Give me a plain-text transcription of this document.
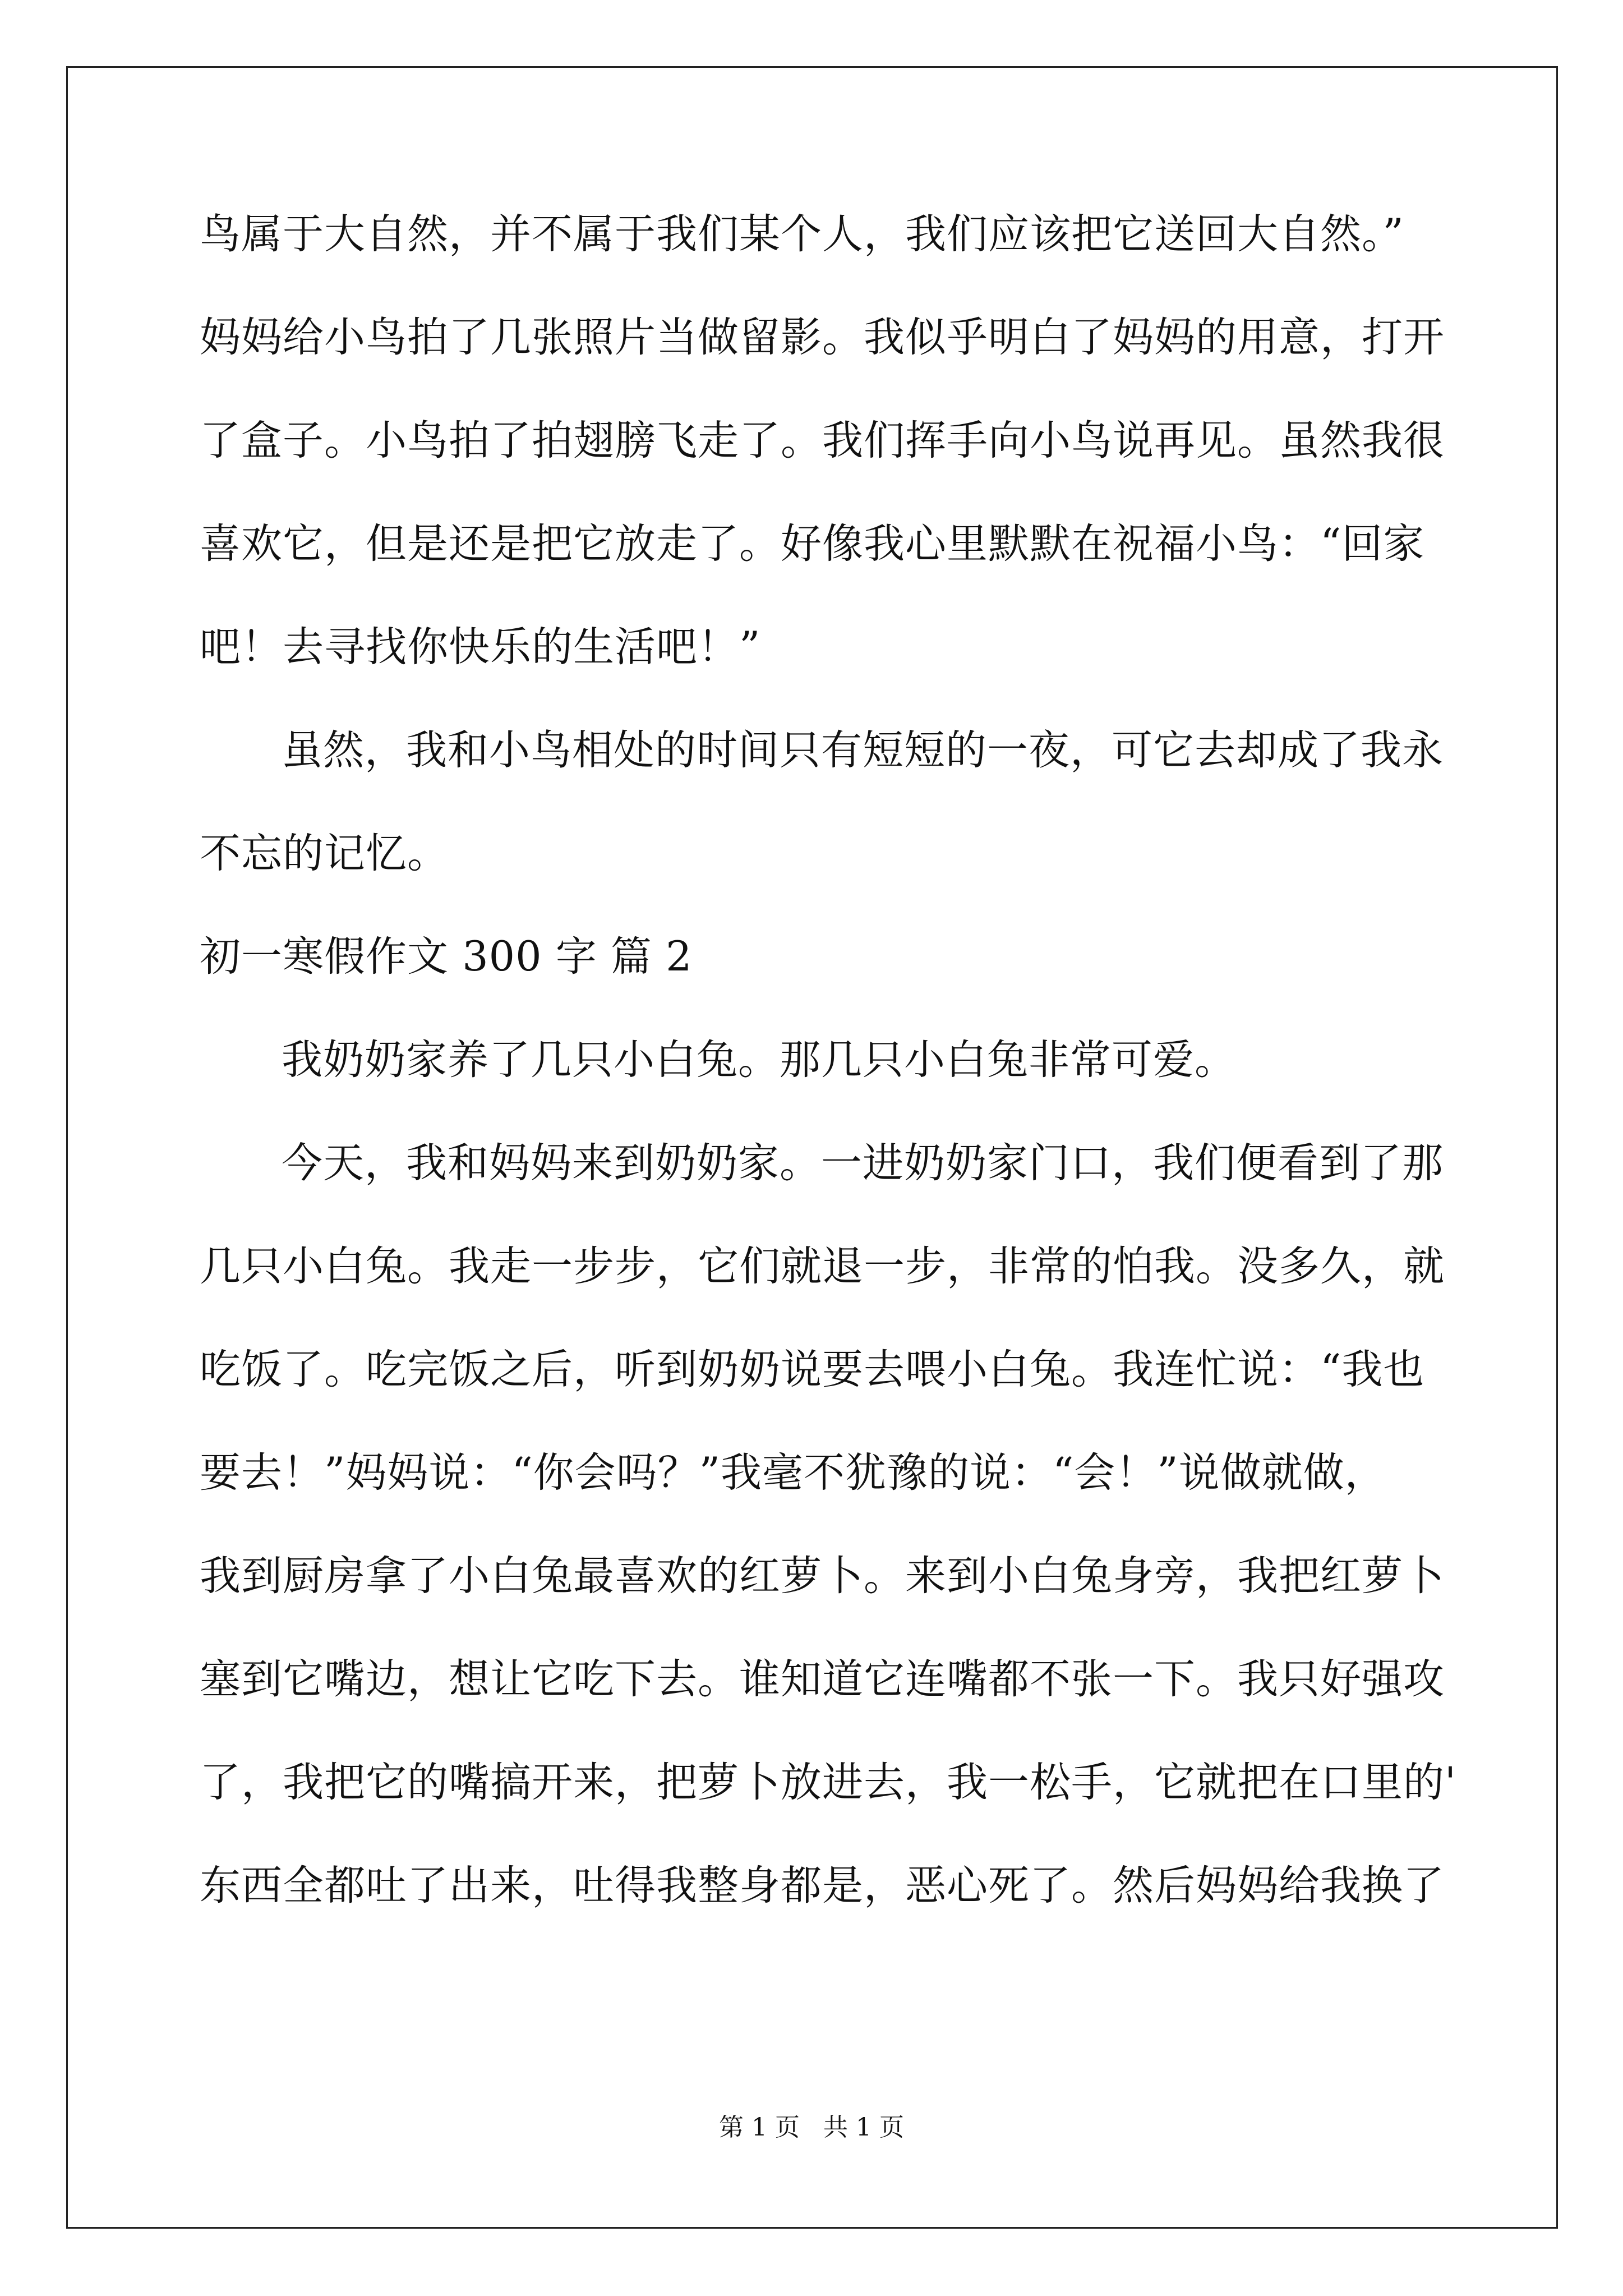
鸟属于大自然，并不属于我们某个人，我们应该把它送回大自然。”
妈妈给小鸟拍了几张照片当做留影。我似乎明白了妈妈的用意，打开
了盒子。小鸟拍了拍翅膀飞走了。我们挥手向小鸟说再见。虽然我很
喜欢它，但是还是把它放走了。好像我心里默默在祝福小鸟：“回家
吧！去寻找你快乐的生活吧！”
虽然，我和小鸟相处的时间只有短短的一夜，可它去却成了我永
不忘的记忆。
初一寒假作文 300 字 篇 2
我奶奶家养了几只小白兔。那几只小白兔非常可爱。
今天，我和妈妈来到奶奶家。一进奶奶家门口，我们便看到了那
几只小白兔。我走一步步，它们就退一步，非常的怕我。没多久，就
吃饭了。吃完饭之后，听到奶奶说要去喂小白兔。我连忙说：“我也
要去！”妈妈说：“你会吗？”我毫不犹豫的说：“会！”说做就做，
我到厨房拿了小白兔最喜欢的红萝卜。来到小白兔身旁，我把红萝卜
塞到它嘴边，想让它吃下去。谁知道它连嘴都不张一下。我只好强攻
了，我把它的嘴搞开来，把萝卜放进去，我一松手，它就把在口里的'
东西全都吐了出来，吐得我整身都是，恶心死了。然后妈妈给我换了
第 1 页   共 1 页
